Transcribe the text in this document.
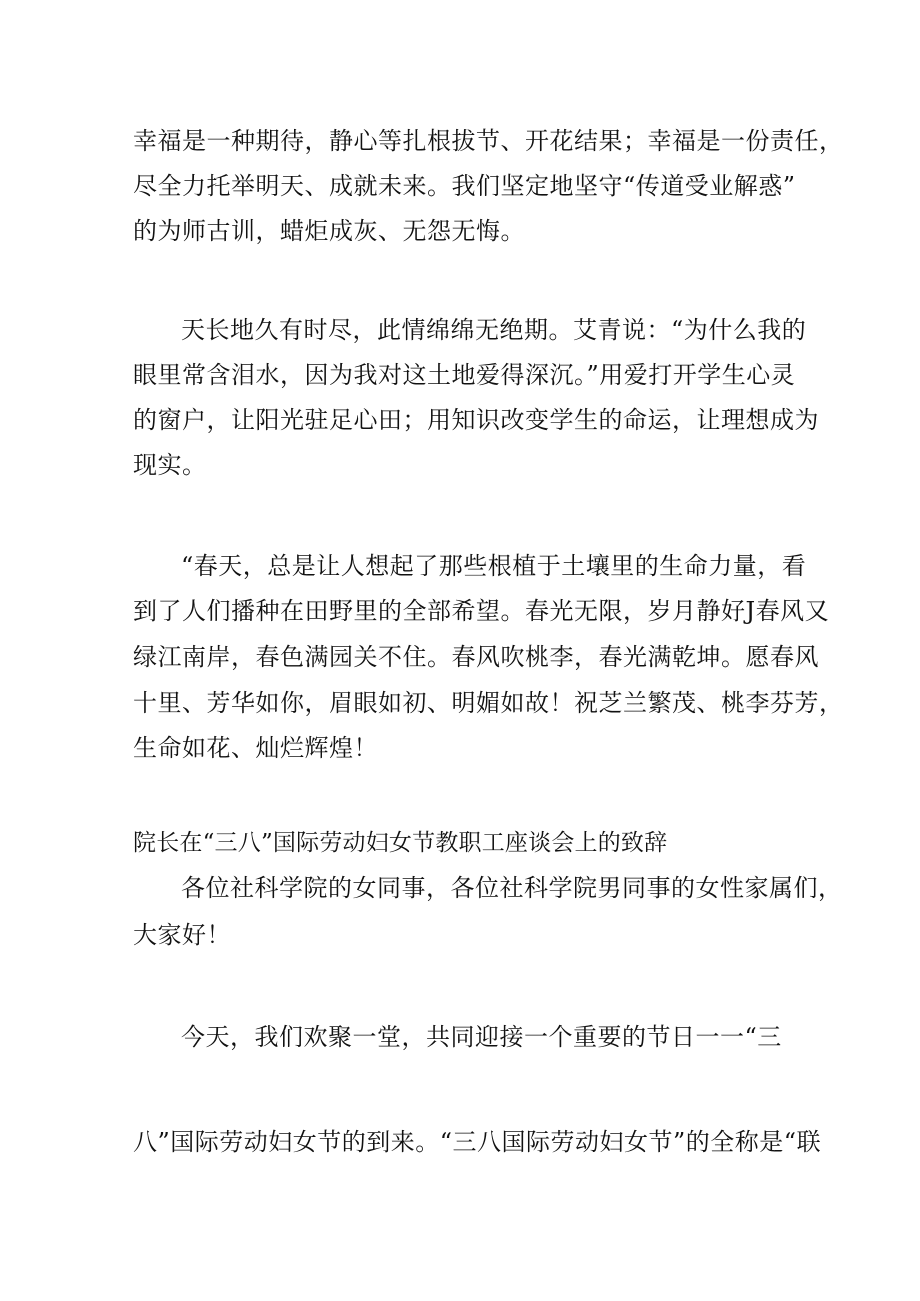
幸福是一种期待，静心等扎根拔节、开花结果；幸福是一份责任，
尽全力托举明天、成就未来。我们坚定地坚守“传道受业解惑”
的为师古训，蜡炬成灰、无怨无悔。
天长地久有时尽，此情绵绵无绝期。艾青说：“为什么我的
眼里常含泪水，因为我对这土地爱得深沉。”用爱打开学生心灵
的窗户，让阳光驻足心田；用知识改变学生的命运，让理想成为
现实。
“春天，总是让人想起了那些根植于土壤里的生命力量，看
到了人们播种在田野里的全部希望。春光无限，岁月静好J春风又
绿江南岸，春色满园关不住。春风吹桃李，春光满乾坤。愿春风
十里、芳华如你，眉眼如初、明媚如故！祝芝兰繁茂、桃李芬芳，
生命如花、灿烂辉煌！
院长在“三八”国际劳动妇女节教职工座谈会上的致辞
各位社科学院的女同事，各位社科学院男同事的女性家属们，
大家好！
今天，我们欢聚一堂，共同迎接一个重要的节日一一“三
八”国际劳动妇女节的到来。“三八国际劳动妇女节”的全称是“联
